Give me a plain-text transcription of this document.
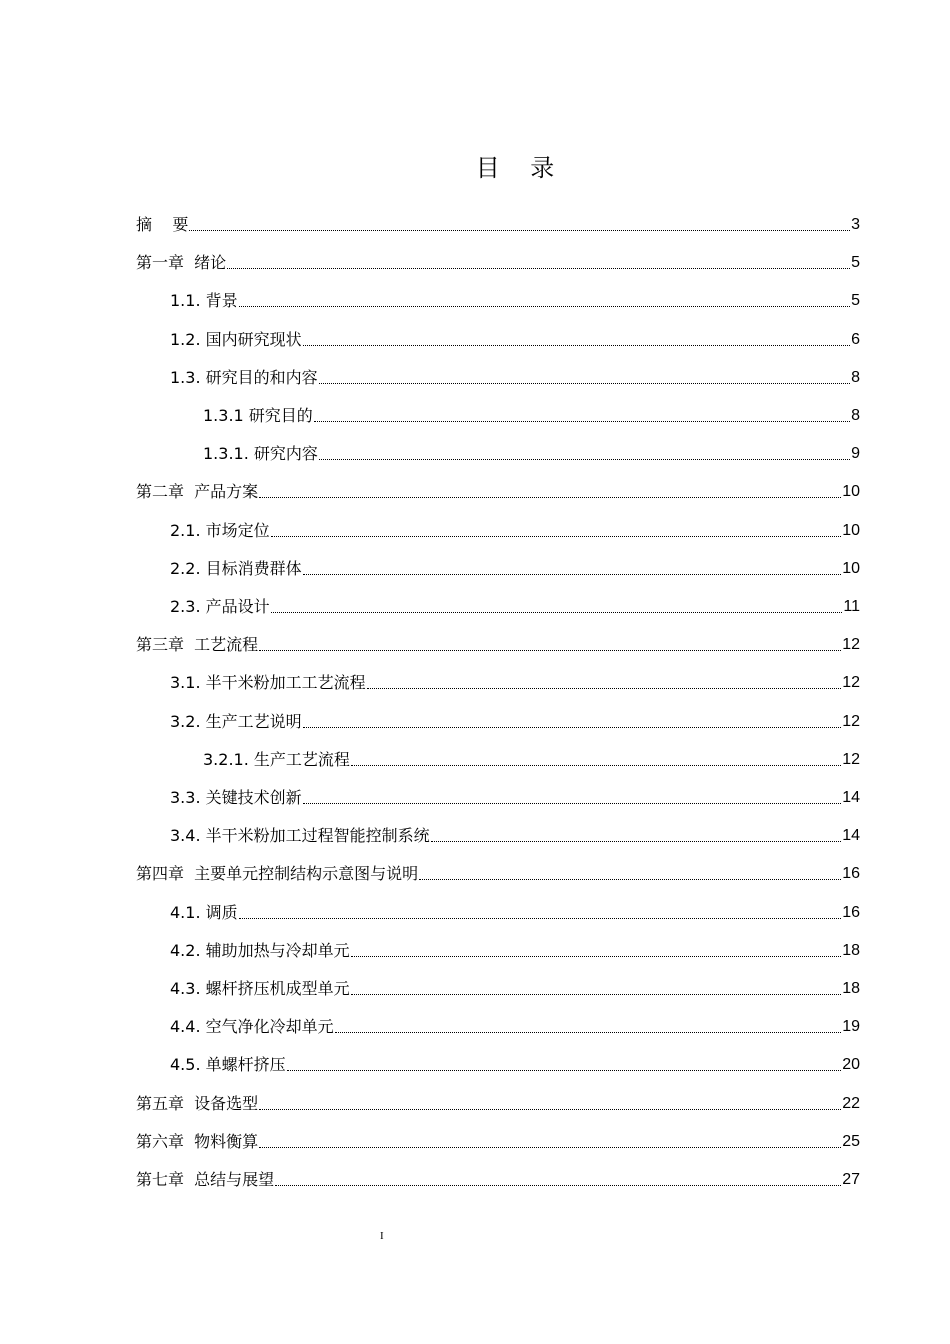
目    录
摘    要	3
第一章  绪论	5
1.1. 背景	5
1.2. 国内研究现状	6
1.3. 研究目的和内容	8
1.3.1 研究目的	8
1.3.1. 研究内容	9
第二章  产品方案	10
2.1. 市场定位	10
2.2. 目标消费群体	10
2.3. 产品设计	11
第三章  工艺流程	12
3.1. 半干米粉加工工艺流程	12
3.2. 生产工艺说明	12
3.2.1. 生产工艺流程	12
3.3. 关键技术创新	14
3.4. 半干米粉加工过程智能控制系统	14
第四章  主要单元控制结构示意图与说明	16
4.1. 调质	16
4.2. 辅助加热与冷却单元	18
4.3. 螺杆挤压机成型单元	18
4.4. 空气净化冷却单元	19
4.5. 单螺杆挤压	20
第五章  设备选型	22
第六章  物料衡算	25
第七章  总结与展望	27
I
